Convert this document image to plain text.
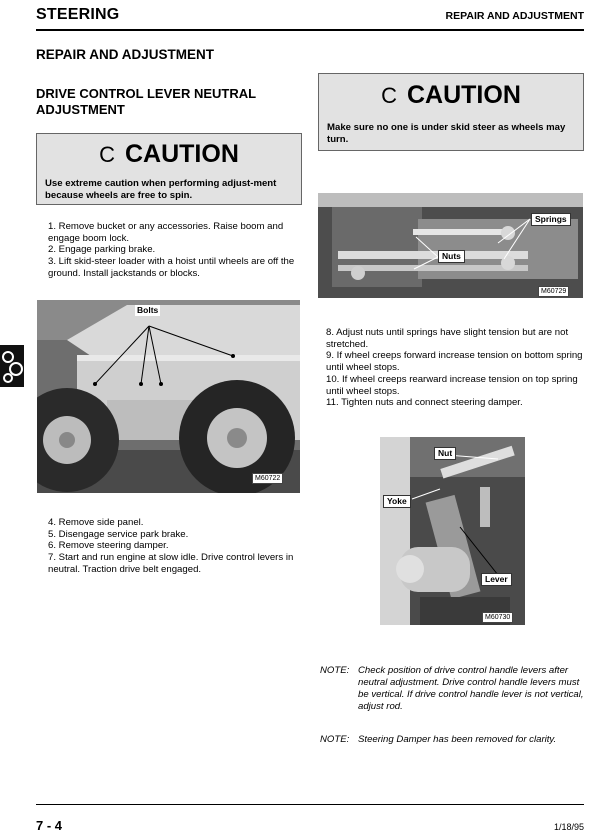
STEERING	REPAIR AND ADJUSTMENT
REPAIR AND ADJUSTMENT
DRIVE CONTROL LEVER NEUTRAL ADJUSTMENT
C CAUTION
Use extreme caution when performing adjust-ment because wheels are free to spin.
C CAUTION
Make sure no one is under skid steer as wheels may turn.
1. Remove bucket or any accessories. Raise boom and engage boom lock.
2. Engage parking brake.
3. Lift skid-steer loader with a hoist until wheels are off the ground. Install jackstands or blocks.
Bolts
M60722
4. Remove side panel.
5. Disengage service park brake.
6. Remove steering damper.
7. Start and run engine at slow idle. Drive control levers in neutral. Traction drive belt engaged.
Springs
Nuts
M60729
8. Adjust nuts until springs have slight tension but are not stretched.
9. If wheel creeps forward increase tension on bottom spring until wheel stops.
10. If wheel creeps rearward increase tension on top spring until wheel stops.
11. Tighten nuts and connect steering damper.
Nut
Yoke
Lever
M60730
NOTE: Check position of drive control handle levers after neutral adjustment. Drive control handle levers must be vertical. If drive control handle lever is not vertical, adjust rod.
NOTE: Steering Damper has been removed for clarity.
7 - 4	1/18/95
